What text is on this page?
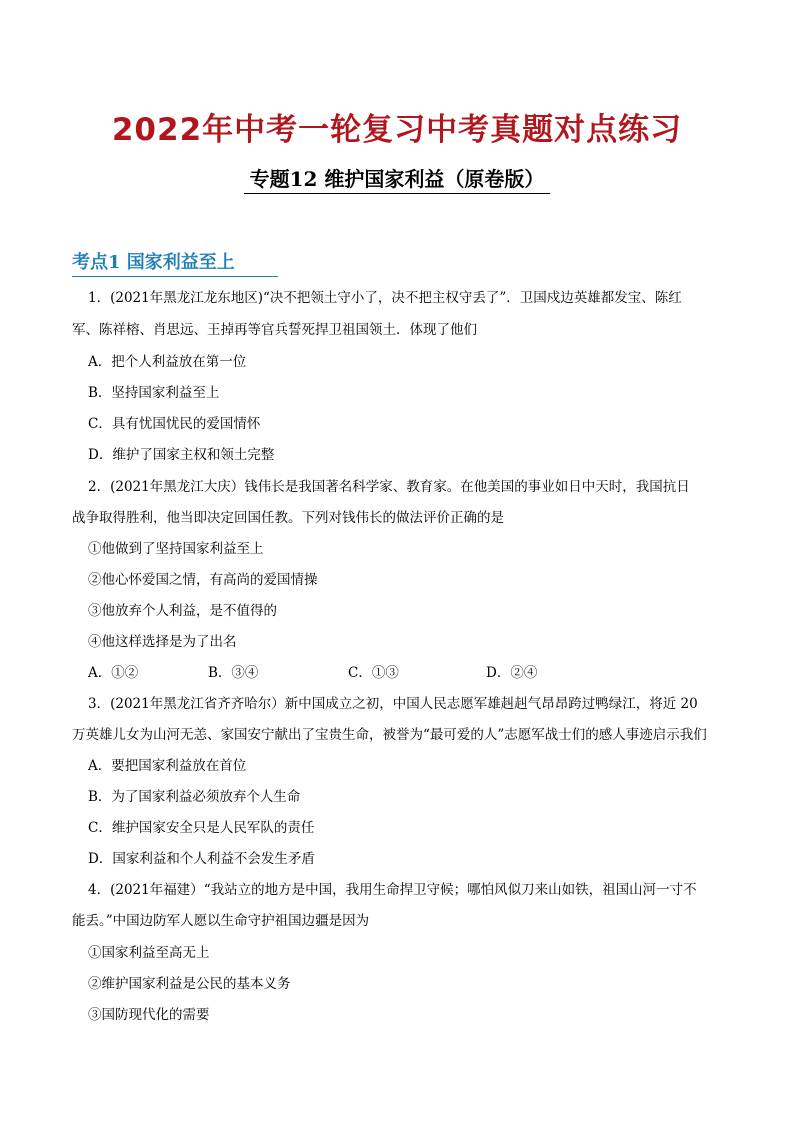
2022年中考一轮复习中考真题对点练习
专题12 维护国家利益（原卷版）
考点1 国家利益至上
1．(2021年黑龙江龙东地区)“决不把领土守小了，决不把主权守丢了”．卫国戍边英雄都发宝、陈红
军、陈祥榕、肖思远、王掉再等官兵誓死捍卫祖国领土．体现了他们
A．把个人利益放在第一位
B．坚持国家利益至上
C．具有忧国忧民的爱国情怀
D．维护了国家主权和领土完整
2．(2021年黑龙江大庆）钱伟长是我国著名科学家、教育家。在他美国的事业如日中天时，我国抗日
战争取得胜利，他当即决定回国任教。下列对钱伟长的做法评价正确的是
①他做到了坚持国家利益至上
②他心怀爱国之情，有高尚的爱国情操
③他放弃个人利益，是不值得的
④他这样选择是为了出名
A．①②	B．③④	C．①③	D．②④
3．(2021年黑龙江省齐齐哈尔）新中国成立之初，中国人民志愿军雄赳赳气昂昂跨过鸭绿江，将近 20
万英雄儿女为山河无恙、家国安宁献出了宝贵生命，被誉为“最可爱的人”志愿军战士们的感人事迹启示我们
A．要把国家利益放在首位
B．为了国家利益必须放弃个人生命
C．维护国家安全只是人民军队的责任
D．国家利益和个人利益不会发生矛盾
4．(2021年福建）“我站立的地方是中国，我用生命捍卫守候；哪怕风似刀来山如铁，祖国山河一寸不
能丢。”中国边防军人愿以生命守护祖国边疆是因为
①国家利益至高无上
②维护国家利益是公民的基本义务
③国防现代化的需要
